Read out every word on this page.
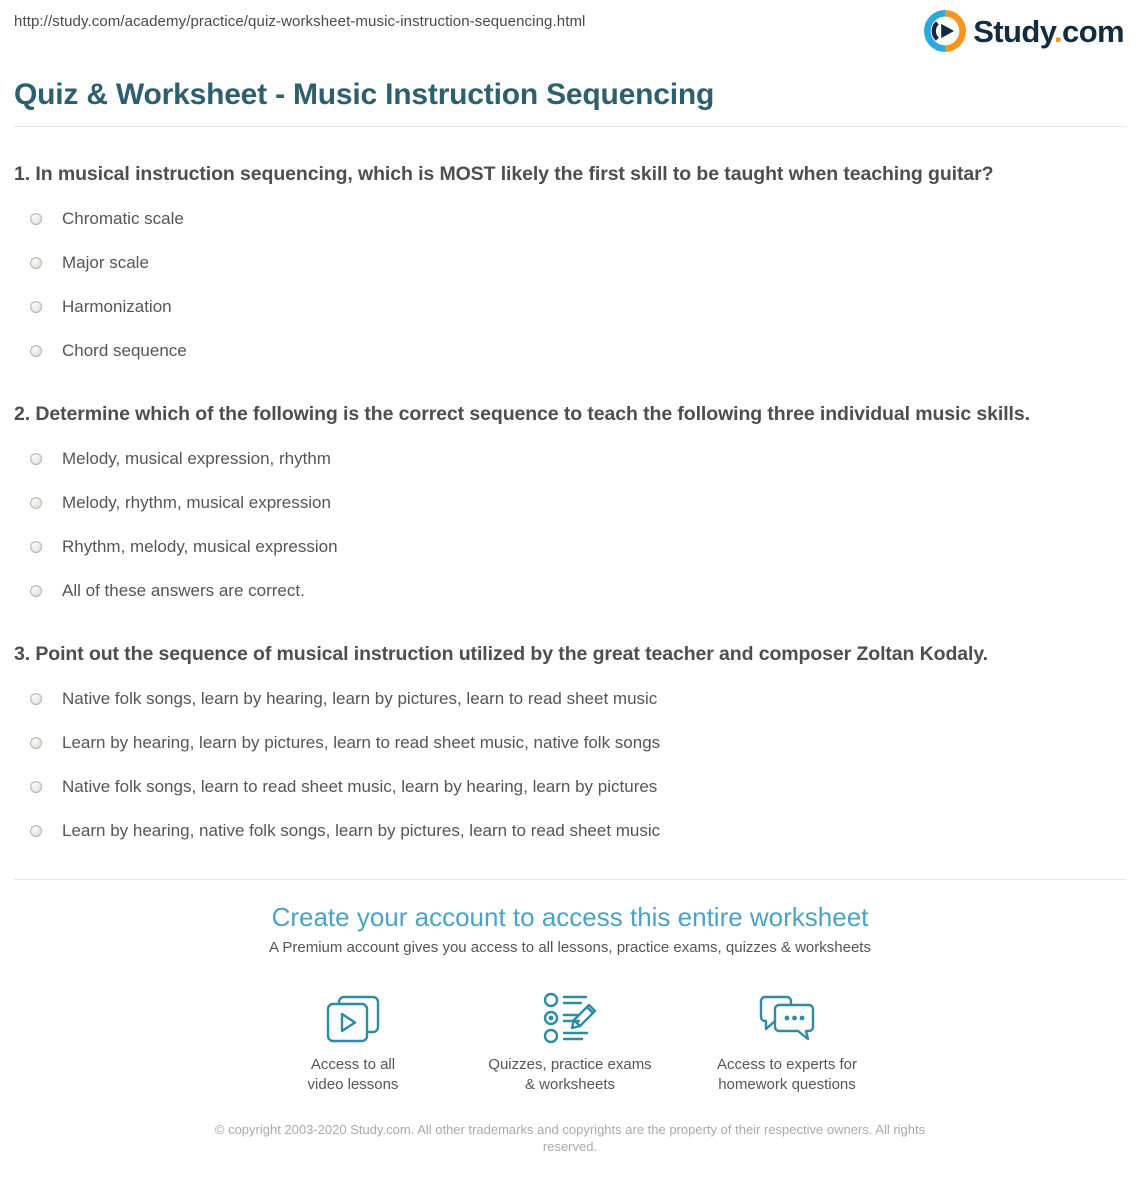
http://study.com/academy/practice/quiz-worksheet-music-instruction-sequencing.html	Study.com
Quiz & Worksheet - Music Instruction Sequencing
1. In musical instruction sequencing, which is MOST likely the first skill to be taught when teaching guitar?
Chromatic scale
Major scale
Harmonization
Chord sequence
2. Determine which of the following is the correct sequence to teach the following three individual music skills.
Melody, musical expression, rhythm
Melody, rhythm, musical expression
Rhythm, melody, musical expression
All of these answers are correct.
3. Point out the sequence of musical instruction utilized by the great teacher and composer Zoltan Kodaly.
Native folk songs, learn by hearing, learn by pictures, learn to read sheet music
Learn by hearing, learn by pictures, learn to read sheet music, native folk songs
Native folk songs, learn to read sheet music, learn by hearing, learn by pictures
Learn by hearing, native folk songs, learn by pictures, learn to read sheet music
Create your account to access this entire worksheet
A Premium account gives you access to all lessons, practice exams, quizzes & worksheets
Access to all
video lessons
Quizzes, practice exams
& worksheets
Access to experts for
homework questions
© copyright 2003-2020 Study.com. All other trademarks and copyrights are the property of their respective owners. All rights reserved.
